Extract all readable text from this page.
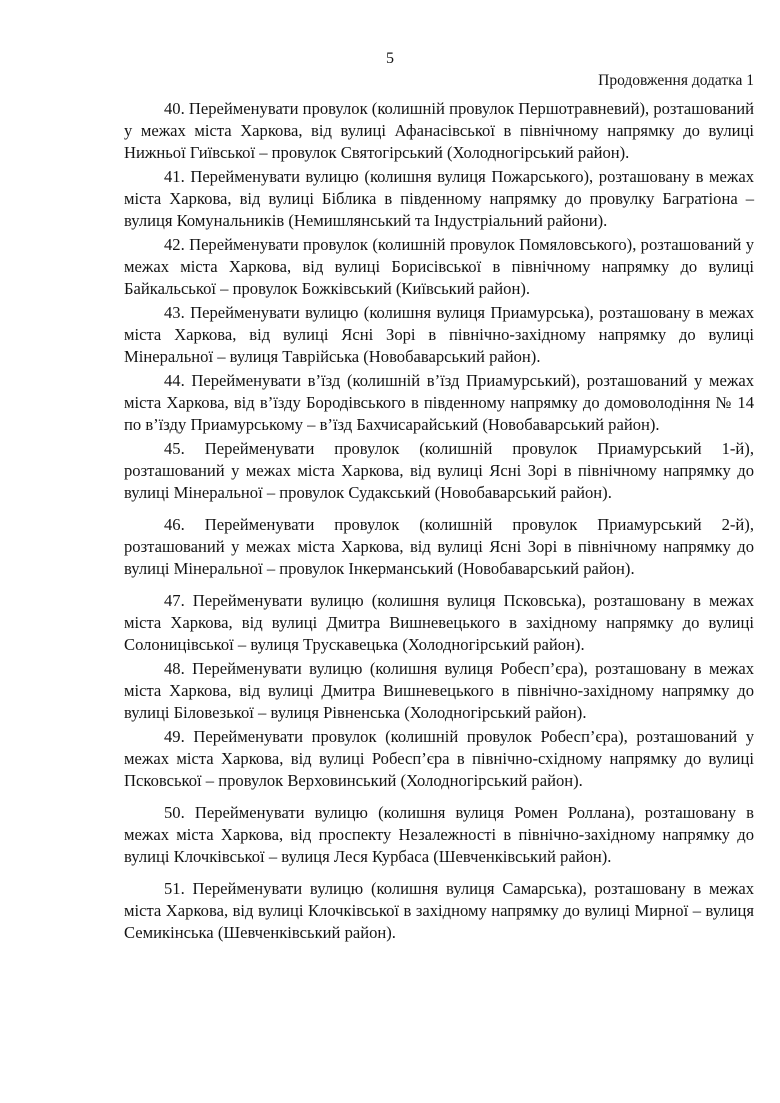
5
Продовження додатка 1

40. Перейменувати провулок (колишній провулок Першотравневий), розташований у межах міста Харкова, від вулиці Афанасівської в північному напрямку до вулиці Нижньої Гиївської – провулок Святогірський (Холодногірський район).

41. Перейменувати вулицю (колишня вулиця Пожарського), розташовану в межах міста Харкова, від вулиці Біблика в південному напрямку до провулку Багратіона – вулиця Комунальників (Немишлянський та Індустріальний райони).

42. Перейменувати провулок (колишній провулок Помяловського), розташований у межах міста Харкова, від вулиці Борисівської в північному напрямку до вулиці Байкальської – провулок Божківський (Київський район).

43. Перейменувати вулицю (колишня вулиця Приамурська), розташовану в межах міста Харкова, від вулиці Ясні Зорі в північно-західному напрямку до вулиці Мінеральної – вулиця Таврійська (Новобаварський район).

44. Перейменувати в’їзд (колишній в’їзд Приамурський), розташований у межах міста Харкова, від в’їзду Бородівського в південному напрямку до домоволодіння № 14 по в’їзду Приамурському – в’їзд Бахчисарайський (Новобаварський район).

45. Перейменувати провулок (колишній провулок Приамурський 1-й), розташований у межах міста Харкова, від вулиці Ясні Зорі в північному напрямку до вулиці Мінеральної – провулок Судакський (Новобаварський район).

46. Перейменувати провулок (колишній провулок Приамурський 2-й), розташований у межах міста Харкова, від вулиці Ясні Зорі в північному напрямку до вулиці Мінеральної – провулок Інкерманський (Новобаварський район).

47. Перейменувати вулицю (колишня вулиця Псковська), розташовану в межах міста Харкова, від вулиці Дмитра Вишневецького в західному напрямку до вулиці Солоницівської – вулиця Трускавецька (Холодногірський район).

48. Перейменувати вулицю (колишня вулиця Робесп’єра), розташовану в межах міста Харкова, від вулиці Дмитра Вишневецького в північно-західному напрямку до вулиці Біловезької – вулиця Рівненська (Холодногірський район).

49. Перейменувати провулок (колишній провулок Робесп’єра), розташований у межах міста Харкова, від вулиці Робесп’єра в північно-східному напрямку до вулиці Псковської – провулок Верховинський (Холодногірський район).

50. Перейменувати вулицю (колишня вулиця Ромен Роллана), розташовану в межах міста Харкова, від проспекту Незалежності в північно-західному напрямку до вулиці Клочківської – вулиця Леся Курбаса (Шевченківський район).

51. Перейменувати вулицю (колишня вулиця Самарська), розташовану в межах міста Харкова, від вулиці Клочківської в західному напрямку до вулиці Мирної – вулиця Семикінська (Шевченківський район).
